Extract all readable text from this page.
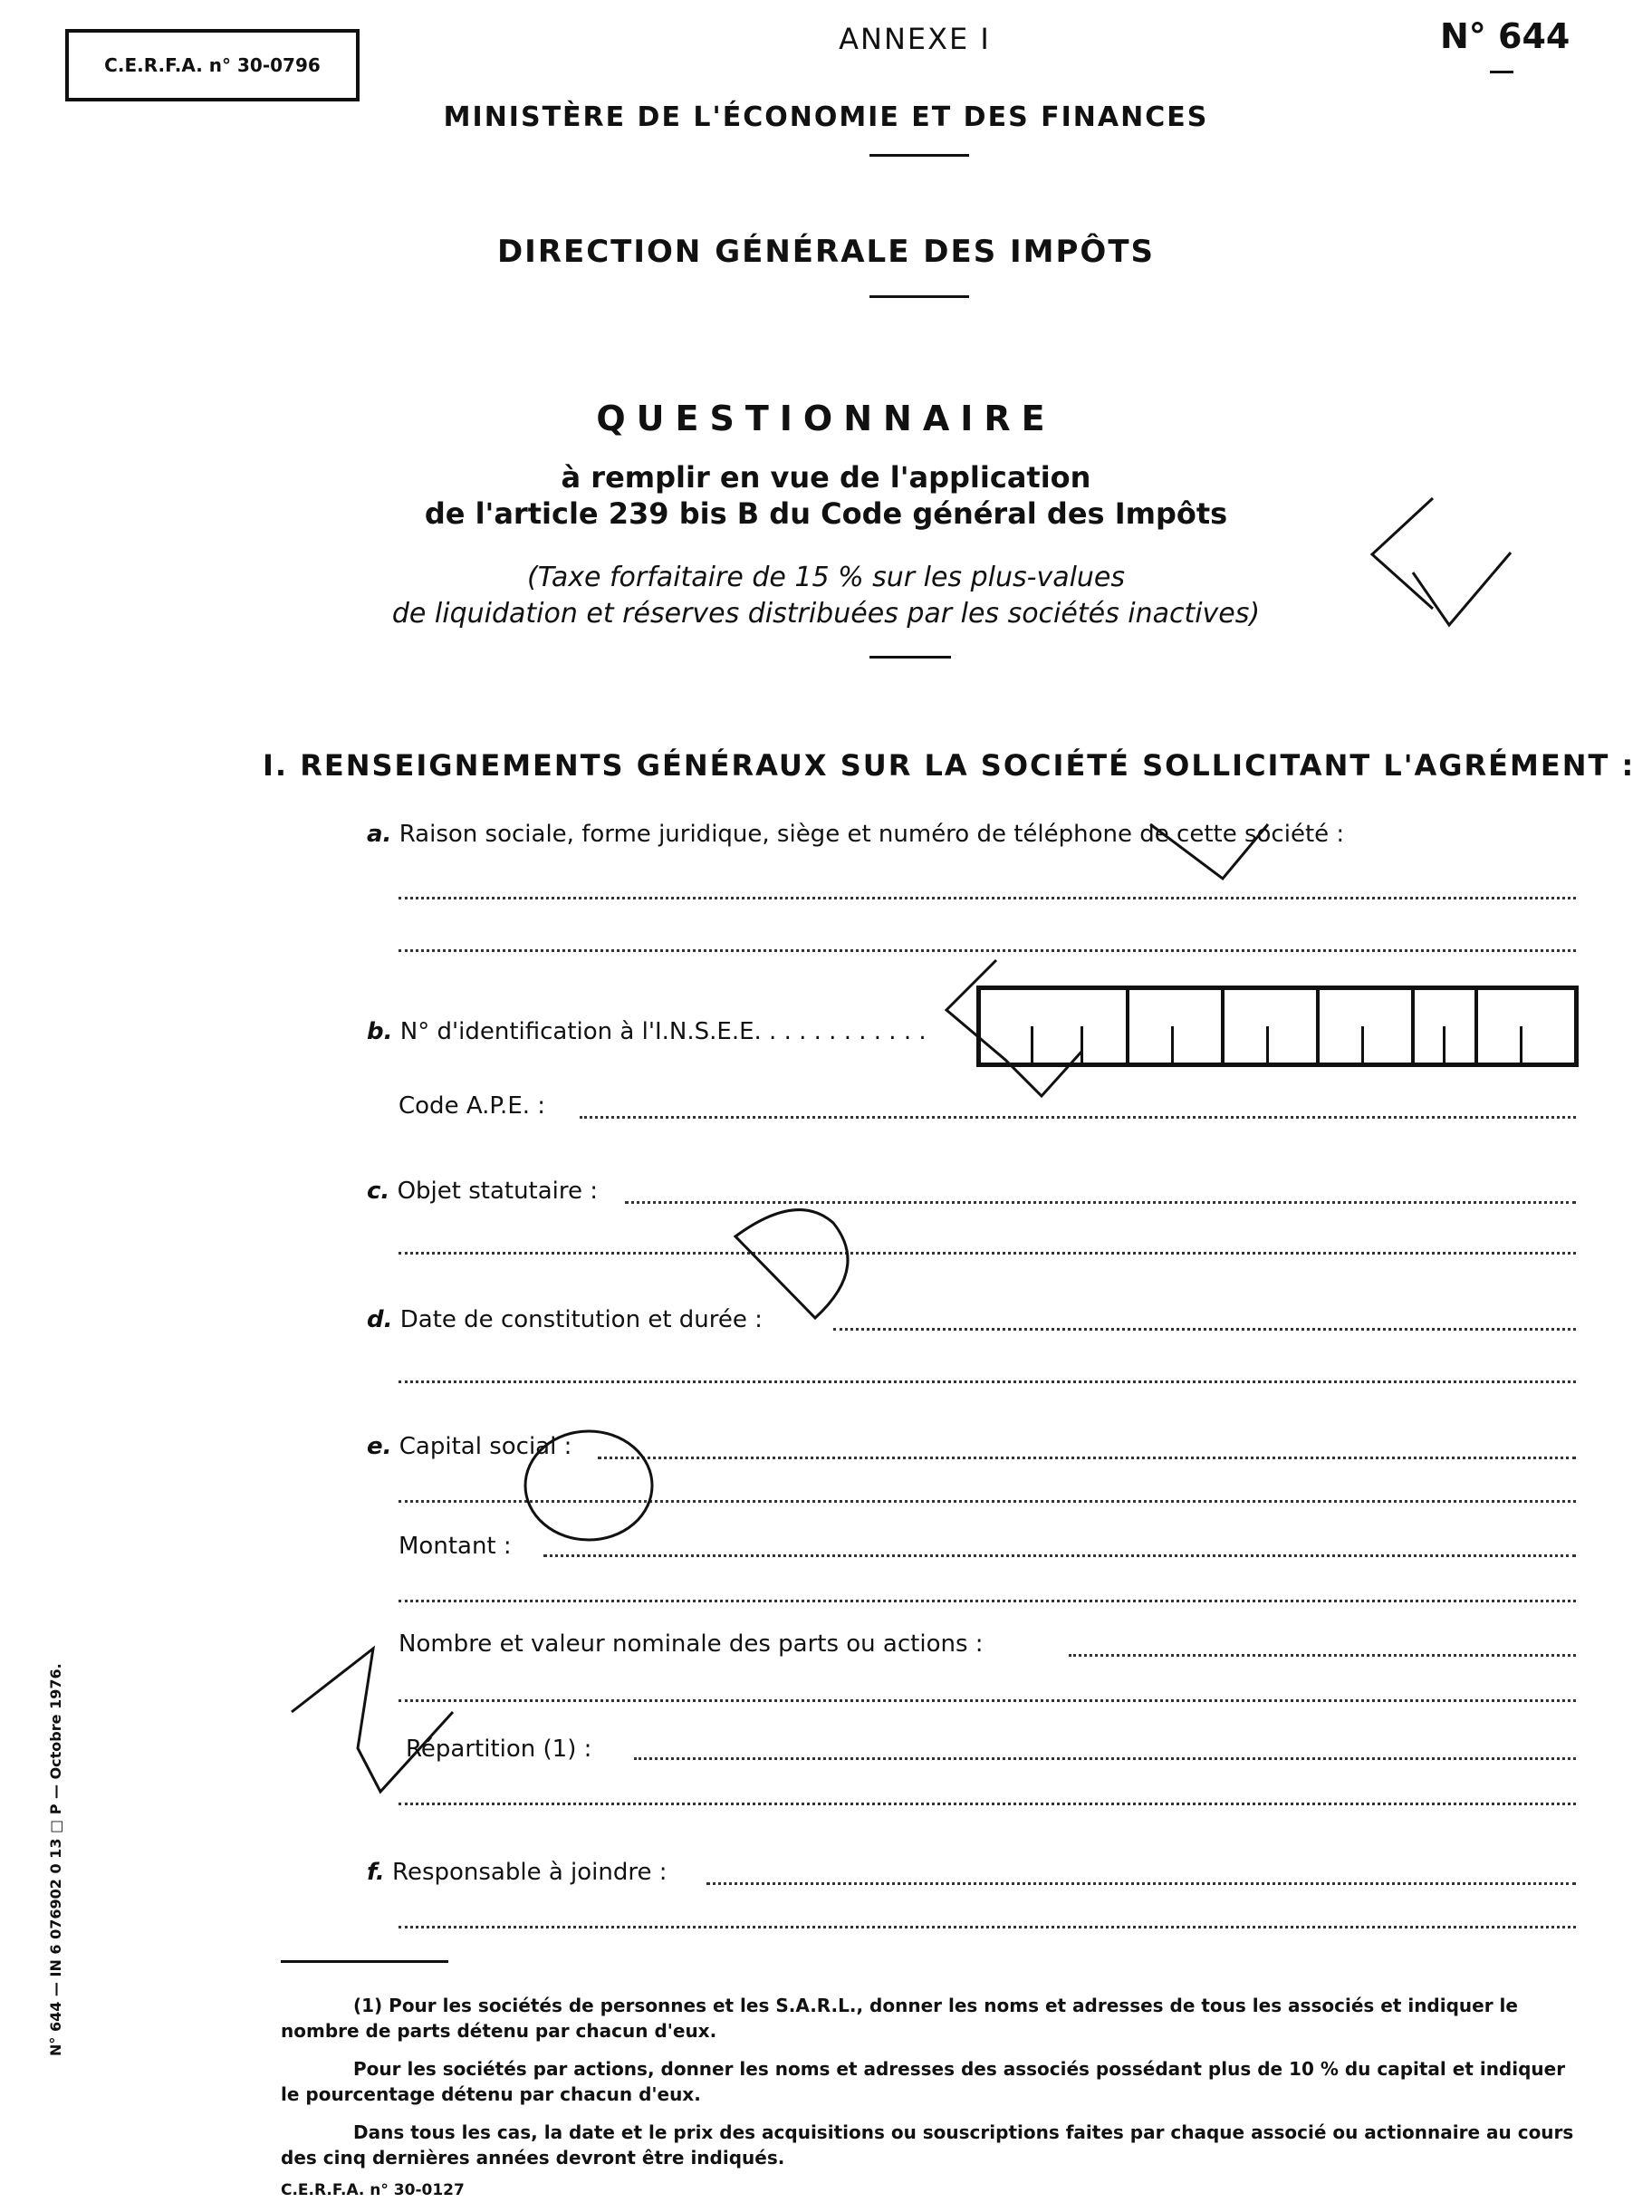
C.E.R.F.A. n° 30-0796
ANNEXE I	N° 644
MINISTÈRE DE L'ÉCONOMIE ET DES FINANCES
DIRECTION GÉNÉRALE DES IMPÔTS
QUESTIONNAIRE
à remplir en vue de l'application
de l'article 239 bis B du Code général des Impôts
(Taxe forfaitaire de 15 % sur les plus-values
de liquidation et réserves distribuées par les sociétés inactives)
I. RENSEIGNEMENTS GÉNÉRAUX SUR LA SOCIÉTÉ SOLLICITANT L'AGRÉMENT :
a. Raison sociale, forme juridique, siège et numéro de téléphone de cette société :
b. N° d'identification à l'I.N.S.E.E. . . . . . . . . . . .
Code A.P.E. :
c. Objet statutaire :
d. Date de constitution et durée :
e. Capital social :
Montant :
Nombre et valeur nominale des parts ou actions :
Répartition (1) :
f. Responsable à joindre :
(1) Pour les sociétés de personnes et les S.A.R.L., donner les noms et adresses de tous les associés et indiquer le nombre de parts détenu par chacun d'eux.
Pour les sociétés par actions, donner les noms et adresses des associés possédant plus de 10 % du capital et indiquer le pourcentage détenu par chacun d'eux.
Dans tous les cas, la date et le prix des acquisitions ou souscriptions faites par chaque associé ou actionnaire au cours des cinq dernières années devront être indiqués.
C.E.R.F.A. n° 30-0127
N° 644 — IN 6 076902 0 13 □ P — Octobre 1976.
